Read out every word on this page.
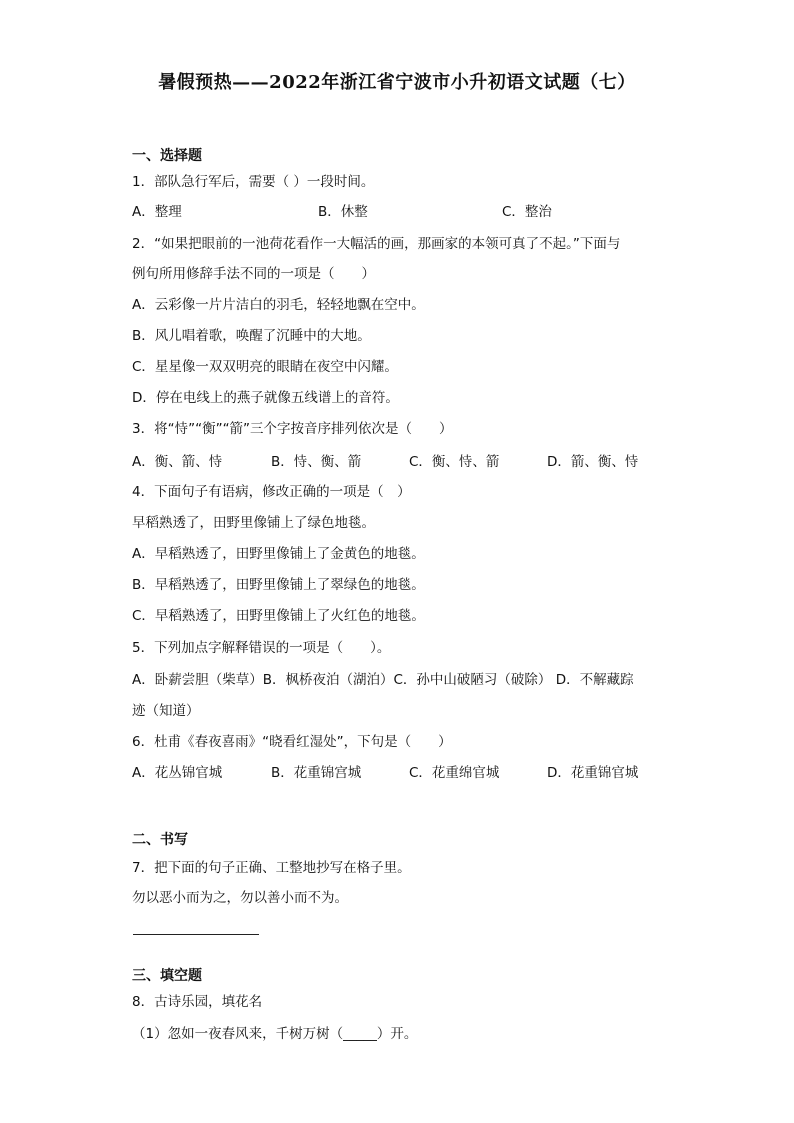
暑假预热——2022年浙江省宁波市小升初语文试题（七）
一、选择题
1．部队急行军后，需要（ ）一段时间。
A．整理	B．休整	C．整治
2．“如果把眼前的一池荷花看作一大幅活的画，那画家的本领可真了不起。”下面与
例句所用修辞手法不同的一项是（　　）
A．云彩像一片片洁白的羽毛，轻轻地飘在空中。
B．风儿唱着歌，唤醒了沉睡中的大地。
C．星星像一双双明亮的眼睛在夜空中闪耀。
D．停在电线上的燕子就像五线谱上的音符。
3．将“恃”“衡”“箭”三个字按音序排列依次是（　　）
A．衡、箭、恃	B．恃、衡、箭	C．衡、恃、箭	D．箭、衡、恃
4．下面句子有语病，修改正确的一项是（　）
早稻熟透了，田野里像铺上了绿色地毯。
A．早稻熟透了，田野里像铺上了金黄色的地毯。
B．早稻熟透了，田野里像铺上了翠绿色的地毯。
C．早稻熟透了，田野里像铺上了火红色的地毯。
5．下列加点字解释错误的一项是（　　）。
A．卧薪尝胆（柴草）B．枫桥夜泊（湖泊）C．孙中山破陋习（破除） D．不解藏踪
迹（知道）
6．杜甫《春夜喜雨》“晓看红湿处”，下句是（　　）
A．花丛锦官城	B．花重锦宫城	C．花重绵官城	D．花重锦官城
二、书写
7．把下面的句子正确、工整地抄写在格子里。
勿以恶小而为之，勿以善小而不为。
三、填空题
8．古诗乐园，填花名
（1）忽如一夜春风来，千树万树（_____）开。
